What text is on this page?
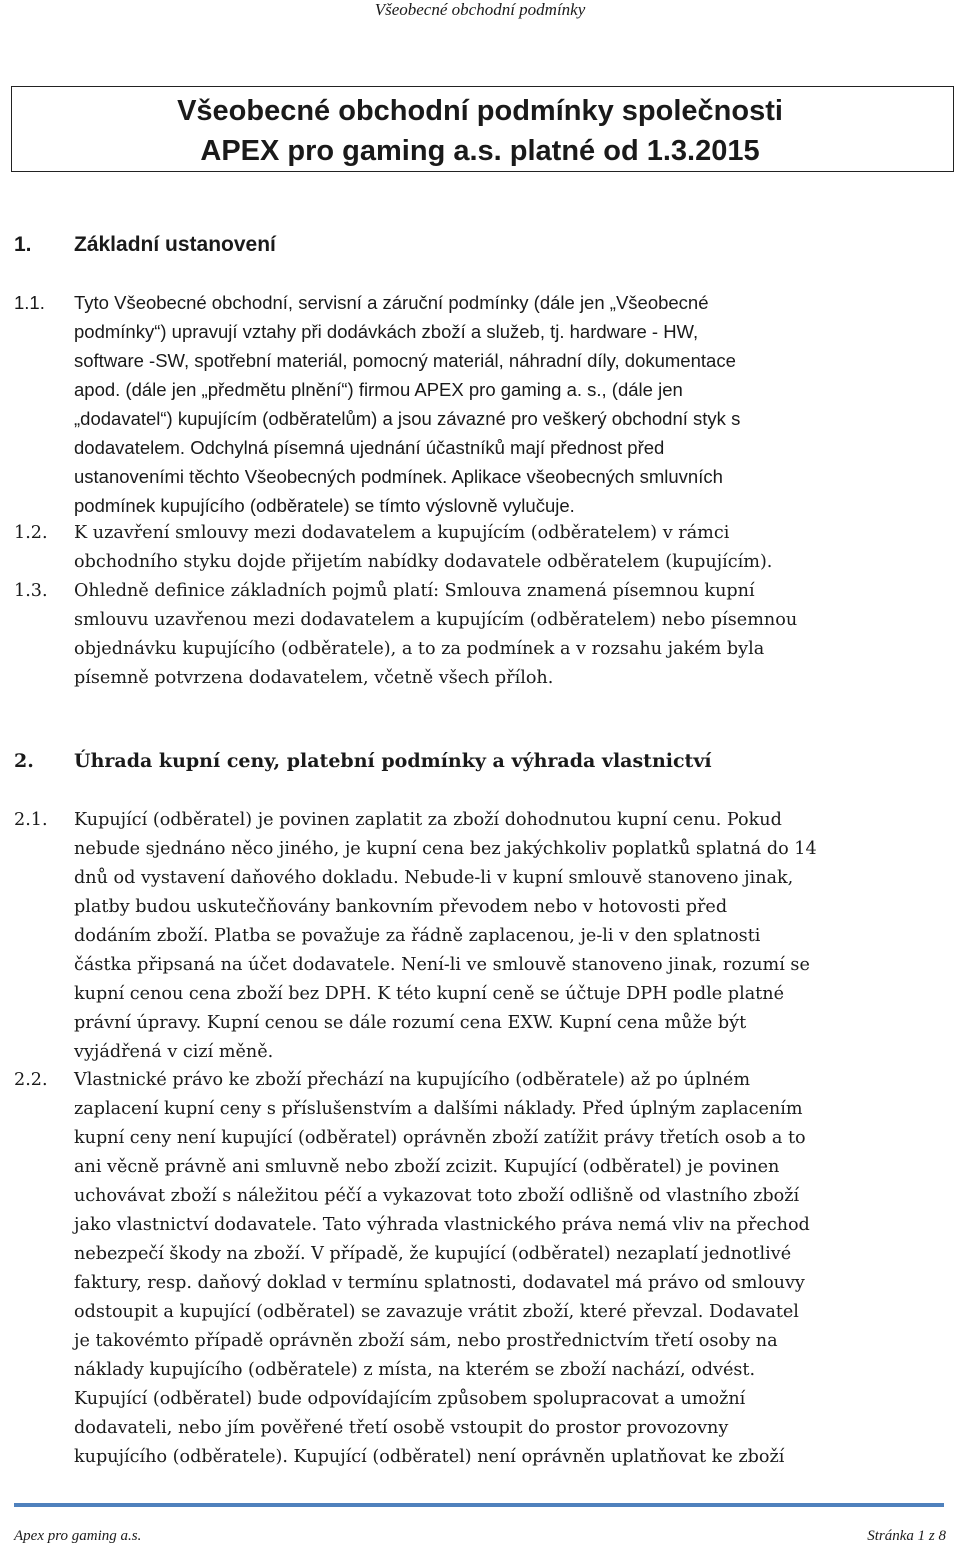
Všeobecné obchodní podmínky
Všeobecné obchodní podmínky společnosti
APEX pro gaming a.s. platné od 1.3.2015
1. Základní ustanovení
1.1. Tyto Všeobecné obchodní, servisní a záruční podmínky (dále jen „Všeobecné
podmínky“) upravují vztahy při dodávkách zboží a služeb, tj. hardware - HW,
software -SW, spotřební materiál, pomocný materiál, náhradní díly, dokumentace
apod. (dále jen „předmětu plnění“) firmou APEX pro gaming a. s., (dále jen
„dodavatel“) kupujícím (odběratelům) a jsou závazné pro veškerý obchodní styk s
dodavatelem. Odchylná písemná ujednání účastníků mají přednost před
ustanoveními těchto Všeobecných podmínek. Aplikace všeobecných smluvních
podmínek kupujícího (odběratele) se tímto výslovně vylučuje.
1.2. K uzavření smlouvy mezi dodavatelem a kupujícím (odběratelem) v rámci
obchodního styku dojde přijetím nabídky dodavatele odběratelem (kupujícím).
1.3. Ohledně definice základních pojmů platí: Smlouva znamená písemnou kupní
smlouvu uzavřenou mezi dodavatelem a kupujícím (odběratelem) nebo písemnou
objednávku kupujícího (odběratele), a to za podmínek a v rozsahu jakém byla
písemně potvrzena dodavatelem, včetně všech příloh.
2. Úhrada kupní ceny, platební podmínky a výhrada vlastnictví
2.1. Kupující (odběratel) je povinen zaplatit za zboží dohodnutou kupní cenu. Pokud
nebude sjednáno něco jiného, je kupní cena bez jakýchkoliv poplatků splatná do 14
dnů od vystavení daňového dokladu. Nebude-li v kupní smlouvě stanoveno jinak,
platby budou uskutečňovány bankovním převodem nebo v hotovosti před
dodáním zboží. Platba se považuje za řádně zaplacenou, je-li v den splatnosti
částka připsaná na účet dodavatele. Není-li ve smlouvě stanoveno jinak, rozumí se
kupní cenou cena zboží bez DPH. K této kupní ceně se účtuje DPH podle platné
právní úpravy. Kupní cenou se dále rozumí cena EXW. Kupní cena může být
vyjádřená v cizí měně.
2.2. Vlastnické právo ke zboží přechází na kupujícího (odběratele) až po úplném
zaplacení kupní ceny s příslušenstvím a dalšími náklady. Před úplným zaplacením
kupní ceny není kupující (odběratel) oprávněn zboží zatížit právy třetích osob a to
ani věcně právně ani smluvně nebo zboží zcizit. Kupující (odběratel) je povinen
uchovávat zboží s náležitou péčí a vykazovat toto zboží odlišně od vlastního zboží
jako vlastnictví dodavatele. Tato výhrada vlastnického práva nemá vliv na přechod
nebezpečí škody na zboží. V případě, že kupující (odběratel) nezaplatí jednotlivé
faktury, resp. daňový doklad v termínu splatnosti, dodavatel má právo od smlouvy
odstoupit a kupující (odběratel) se zavazuje vrátit zboží, které převzal. Dodavatel
je takovémto případě oprávněn zboží sám, nebo prostřednictvím třetí osoby na
náklady kupujícího (odběratele) z místa, na kterém se zboží nachází, odvést.
Kupující (odběratel) bude odpovídajícím způsobem spolupracovat a umožní
dodavateli, nebo jím pověřené třetí osobě vstoupit do prostor provozovny
kupujícího (odběratele). Kupující (odběratel) není oprávněn uplatňovat ke zboží
Apex pro gaming a.s.	Stránka 1 z 8
